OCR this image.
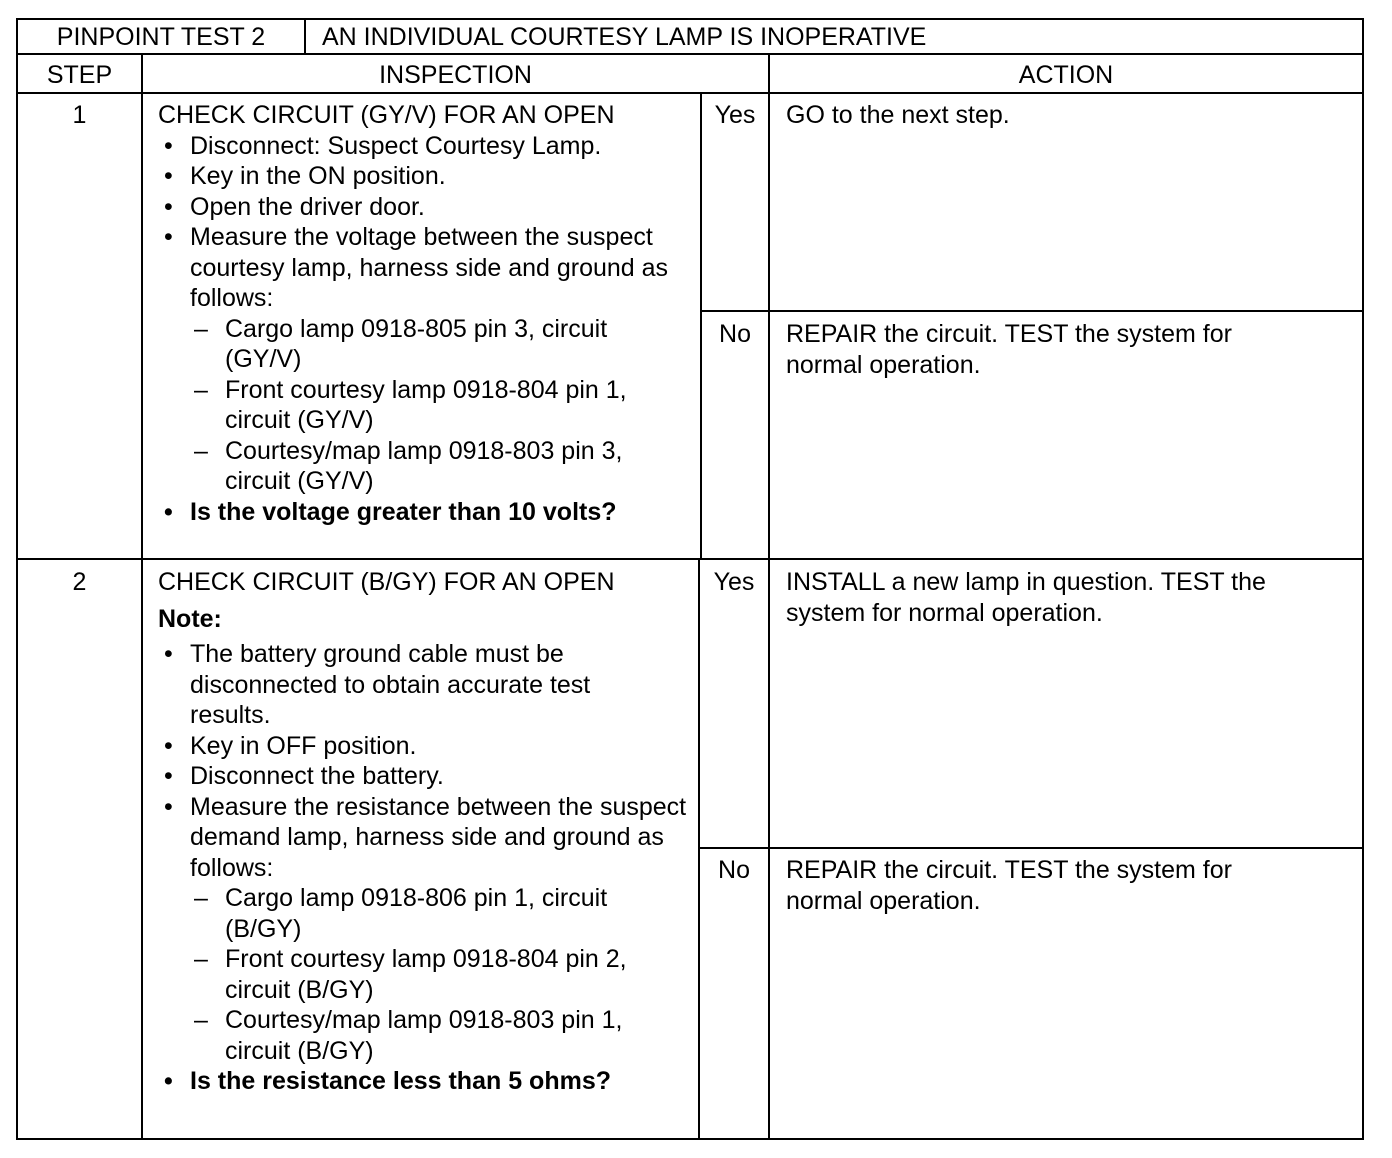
PINPOINT TEST 2	AN INDIVIDUAL COURTESY LAMP IS INOPERATIVE
STEP	INSPECTION	ACTION
1	CHECK CIRCUIT (GY/V) FOR AN OPEN
• Disconnect: Suspect Courtesy Lamp.
• Key in the ON position.
• Open the driver door.
• Measure the voltage between the suspect courtesy lamp, harness side and ground as follows:
– Cargo lamp 0918-805 pin 3, circuit (GY/V)
– Front courtesy lamp 0918-804 pin 1, circuit (GY/V)
– Courtesy/map lamp 0918-803 pin 3, circuit (GY/V)
• Is the voltage greater than 10 volts?
Yes	GO to the next step.
No	REPAIR the circuit. TEST the system for normal operation.
2	CHECK CIRCUIT (B/GY) FOR AN OPEN
Note:
• The battery ground cable must be disconnected to obtain accurate test results.
• Key in OFF position.
• Disconnect the battery.
• Measure the resistance between the suspect demand lamp, harness side and ground as follows:
– Cargo lamp 0918-806 pin 1, circuit (B/GY)
– Front courtesy lamp 0918-804 pin 2, circuit (B/GY)
– Courtesy/map lamp 0918-803 pin 1, circuit (B/GY)
• Is the resistance less than 5 ohms?
Yes	INSTALL a new lamp in question. TEST the system for normal operation.
No	REPAIR the circuit. TEST the system for normal operation.
